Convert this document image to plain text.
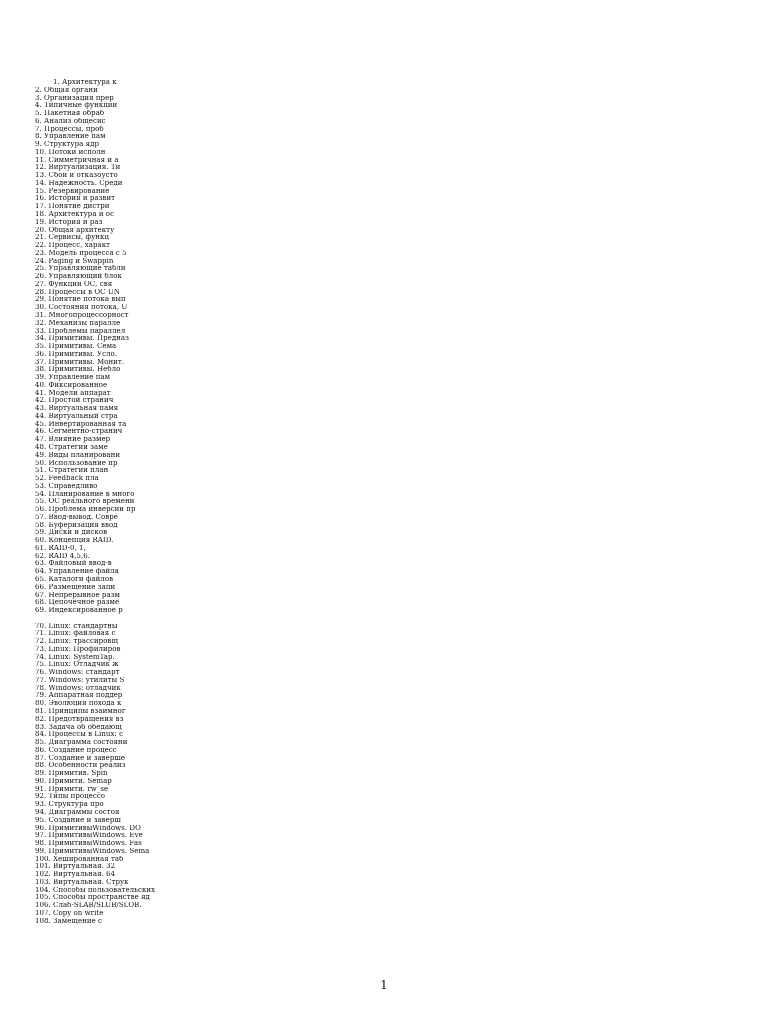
1. Архитектура к
2. Общая органи
3. Организация прер
4. Типичные функции
5. Пакетная обраб
6. Анализ общесис
7. Процессы, проб
8. Управление пам
9. Структура ядр
10. Потоки исполн
11. Симметричная и а
12. Виртуализация. Ти
13. Сбои и отказоусто
14. Надежность. Среди
15. Резервирование
16. История и развит
17. Понятие дистри
18. Архитектура и ос
19. История и раз
20. Общая архитекту
21. Сервисы, функц
22. Процесс, характ
23. Модель процесса с 5
24. Paging и Swappin
25. Управляющие табли
26. Управляющий блок
27. Функции ОС, свя
28. Процессы в ОС UN
29. Понятие потока вып
30. Состояния потока, U
31. Многопроцессорност
32. Механизы паралле
33. Проблемы параллел
34. Примитивы. Предназ
35. Примитивы. Сема
36. Примитивы. Усло.
37. Примитивы. Монит.
38. Примитивы. Небло
39. Управление пам
40. Фиксированное
41. Модели аппарат
42. Простой странич
43. Виртуальная памя
44. Виртуальный стра
45. Инвертированная та
46. Сегментно-странич
47. Влияние размер
48. Стратегии заме
49. Виды планировани
50. Использование пр
51. Стратегии план
52. Feedback пла
53. Справедливо
54. Планирование в много
55. ОС реального времени
56. Проблема инверсии пр
57. Ввод-вывод. Совре
58. Буферизация ввод
59. Диски и дисков
60. Концепция RAID.
61. RAID-0, 1,
62. RAID 4,5,6.
63. Файловый ввод-в
64. Управление файла
65. Каталоги файлов
66. Размещение запи
67. Непрерывное разм
68. Цепочечное разме
69. Индексированное р
70. Linux: стандартны
71. Linux: файловая с
72. Linux: трассировщ
73. Linux: Профилиров
74. Linux: SystemTap.
75. Linux: Отладчик ж
76. Windows: стандарт
77. Windows: утилиты S
78. Windows: отладчик
79. Аппаратная поддер
80. Эволюция похода к
81. Принципы взаимног
82. Предотвращения вз
83. Задача об обедающ
84. Процессы в Linux: с
85. Диаграмма состояни
86. Создание процесс
87. Создание и заверше
88. Особенности реализ
89. Примитив. Spin
90. Примити. Semap
91. Примити. rw_se
92. Типы процессо
93. Структура про
94. Диаграммы состоя
95. Создание и заверш
96. ПримитивыWindows. DO
97. ПримитивыWindows. Eve
98. ПримитивыWindows. Fas
99. ПримитивыWindows. Sema
100. Хешированная таб
101. Виртуальная. 32
102. Виртуальная. 64
103. Виртуальная. Струк
104. Способы пользовательских
105. Способы пространстве яд
106. Слаб-SLAB/SLUB/SLOB.
107. Copy on write
108. Замещение с
1
